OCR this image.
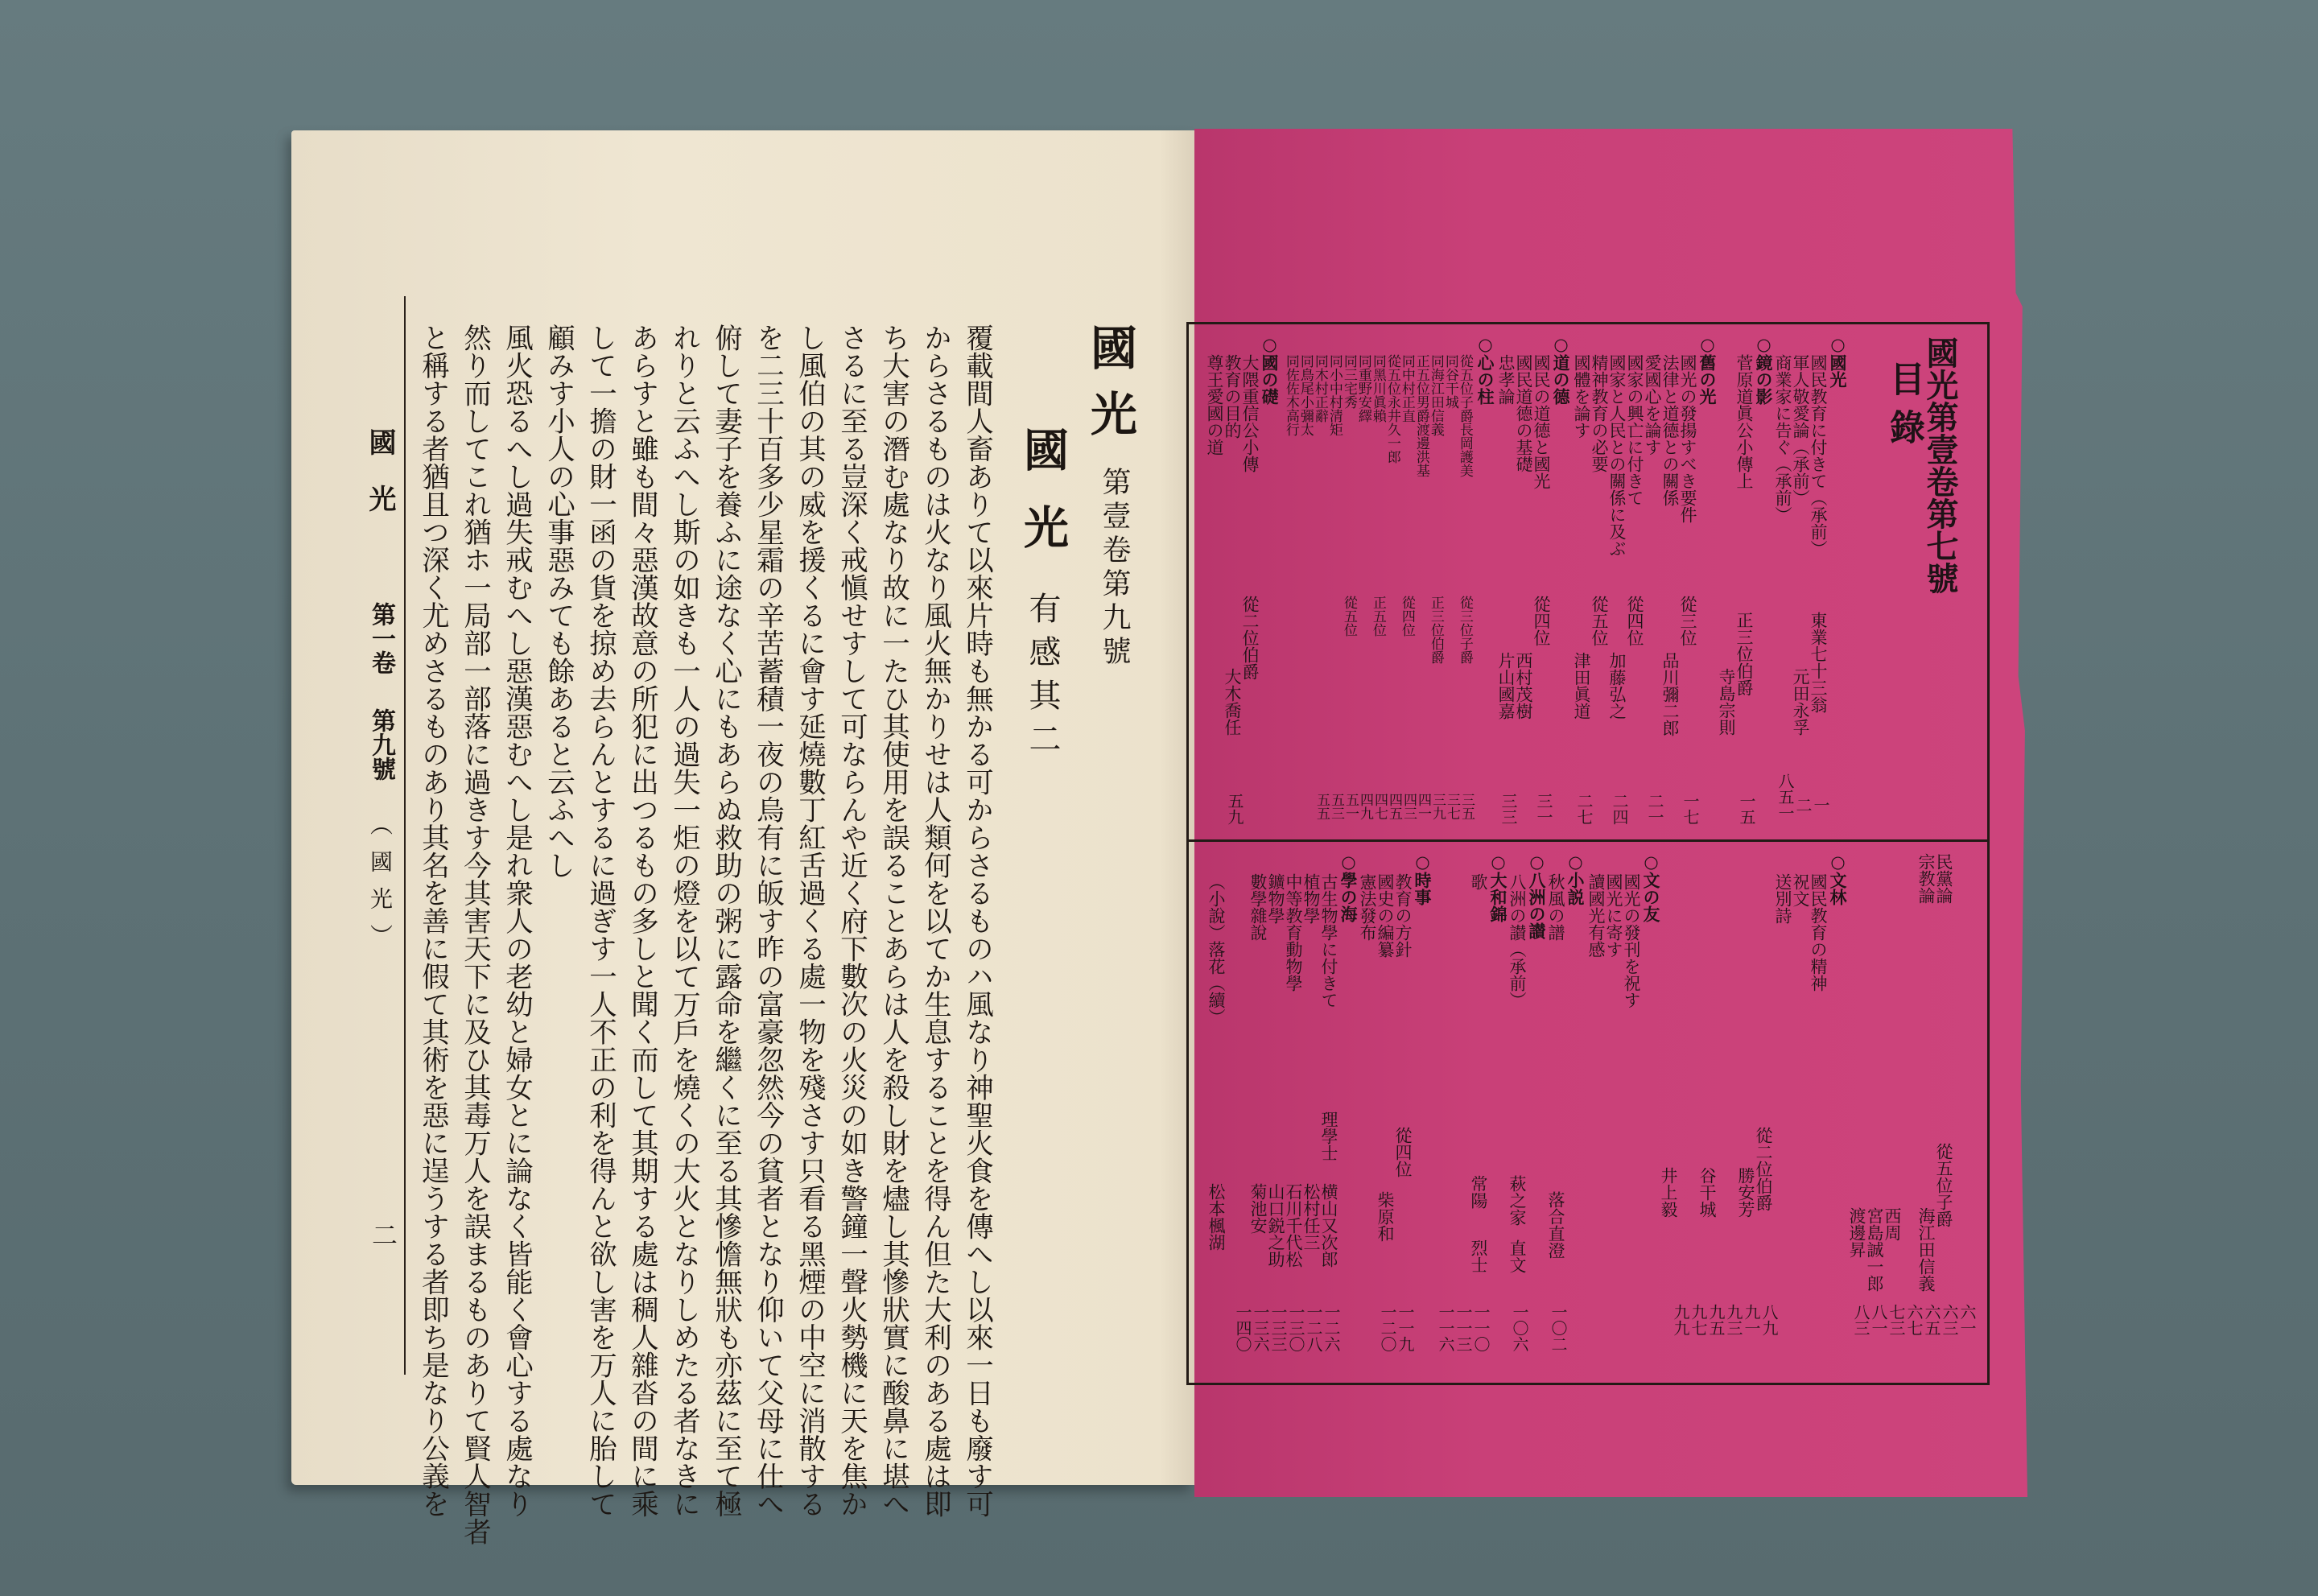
國光
第壹卷第九號
國光
有感其二
覆載間人畜ありて以來片時も無かる可からさるものハ風なり神聖火食を傳へし以來一日も廢す可
からさるものは火なり風火無かりせは人類何を以てか生息することを得ん但た大利のある處は即
ち大害の潛む處なり故に一たひ其使用を誤ることあらは人を殺し財を燼し其慘狀實に酸鼻に堪へ
さるに至る豈深く戒愼せすして可ならんや近く府下數次の火災の如き警鐘一聲火勢機に天を焦か
し風伯の其の威を援くるに會す延燒數丁紅舌過くる處一物を殘さす只看る黑煙の中空に消散する
を二三十百多少星霜の辛苦蓄積一夜の烏有に皈す昨の富豪忽然今の貧者となり仰いて父母に仕へ
俯して妻子を養ふに途なく心にもあらぬ救助の粥に露命を繼くに至る其慘憺無狀も亦茲に至て極
れりと云ふへし斯の如きも一人の過失一炬の燈を以て万戶を燒くの大火となりしめたる者なきに
あらすと雖も間々惡漢故意の所犯に出つるもの多しと聞く而して其期する處は稠人雜沓の間に乘
して一擔の財一函の貨を掠め去らんとするに過ぎす一人不正の利を得んと欲し害を万人に胎して
顧みす小人の心事惡みても餘あると云ふへし
風火恐るへし過失戒むへし惡漢惡むへし是れ衆人の老幼と婦女とに論なく皆能く會心する處なり
然り而してこれ猶ホ一局部一部落に過きす今其害天下に及ひ其毒万人を誤まるものありて賢人智者
と稱する者猶且つ深く尤めさるものあり其名を善に假て其術を惡に逞うする者即ち是なり公義を
國光
第一卷
第九號
（國光）
二
國光第壹卷第七號
目錄
○國光
國民教育に付きて（承前）
軍人敬愛論（承前）
商業家に告ぐ（承前）
東業七十三翁
元田永孚
一
二
八五一
○鏡の影
菅原道眞公小傳上
正三位伯爵
寺島宗則
一五
○舊の光
國光の發揚すべき要件
法律と道德との關係
愛國心を論す
國家の興亡に付きて
國家と人民との關係に及ぶ
精神教育の必要
國體を論す
從三位
品川彌二郎
從四位
加藤弘之
從五位
津田眞道
一七
二一
二四
二七
○道の德
國民の道德と國光
國民道德の基礎
忠孝論
從四位
西村茂樹
片山國嘉
三一
三三
○心の柱
從五位子爵長岡護美
同谷干城
同海江田信義
正五位男爵渡邊洪基
同中村正直
從五位永井久一郎
同黑川眞賴
同重野安繹
同三宅秀
同小中村清矩
同木村正辭
同鳥尾小彌太
同佐佐木高行
從三位子爵
正三位伯爵
從四位
正五位
從五位
三五
三七
三九
四一
四三
四五
四七
四九
五一
五三
五五
○國の礎
大隈重信公小傳
教育の目的
尊王愛國の道
從二位伯爵
大木喬任
五九
○文林	民黨論
宗教論
國民教育の精神
祝文
送別詩
從五位子爵
海江田信義
西周
宮島誠一郎
渡邊昇
六一
六三
六五
六七
七三
八一
八三
○文の友
國光の發刊を祝す
國光に寄す
讀國光有感
從二位伯爵
勝安芳
谷干城
井上毅
八九
九一
九三
九五
九七
九九
○小説
秋風の譜
落合直澄
一〇二
○八洲の讃
八洲の讃（承前）
萩之家
直文
一〇六
○大和錦
歌
常陽
烈士
一一〇
一一三
一一六
○時事
教育の方針
國史の編纂
憲法發布
從四位
柴原和
一一九
一二〇
○學の海
古生物學に付きて
植物學
中等教育動物學
鑛物學
數學雜說
理學士
横山又次郎
松村任三
石川千代松
山口鋭之助
菊池安
一二六
一二八
一三〇
一三三
一三六
一四〇
（小說）落花（續）
松本楓湖
